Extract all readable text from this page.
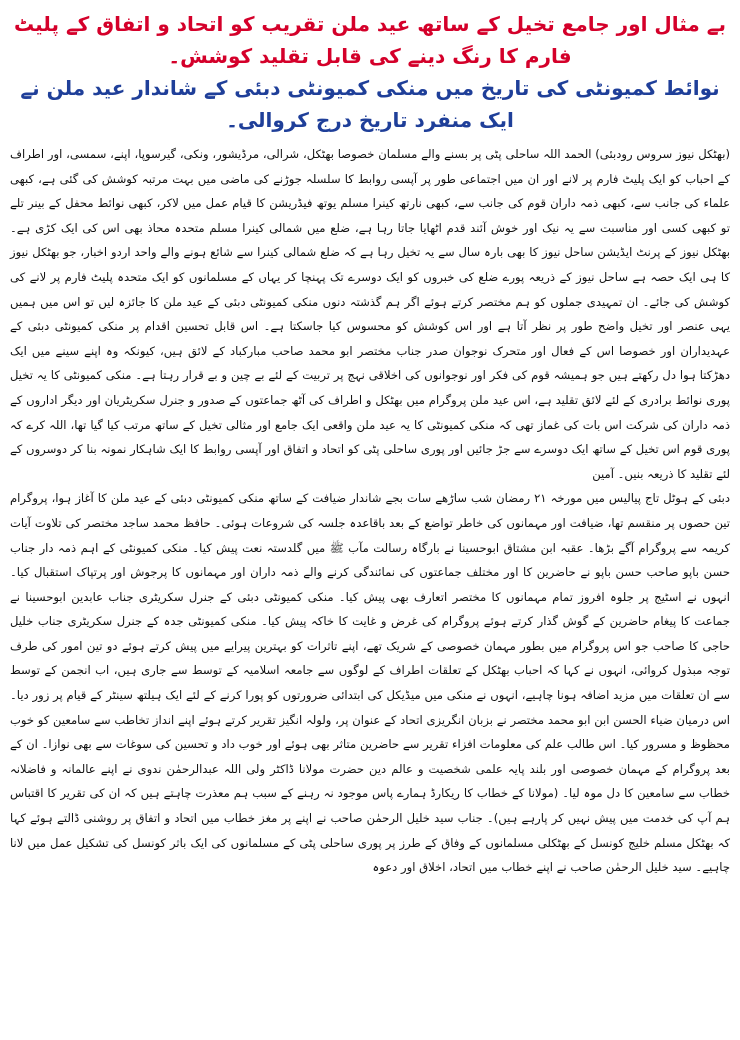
بے مثال اور جامع تخیل کے ساتھ عید ملن تقریب کو اتحاد و اتفاق کے پلیٹ فارم کا رنگ دینے کی قابل تقلید کوشش۔
نوائط کمیونٹی کی تاریخ میں منکی کمیونٹی دبئی کے شاندار عید ملن نے ایک منفرد تاریخ درج کروالی۔

(بھٹکل نیوز سروس رودبئی) الحمد اللہ ساحلی پٹی پر بسنے والے مسلمان خصوصا بھٹکل، شرالی، مرڈیشور، ونکی، گیرسوپا، اپنے، سمسی، اور اطراف کے احباب کو ایک پلیٹ فارم پر لانے اور ان میں اجتماعی طور پر آپسی روابط کا سلسلہ جوڑنے کی ماضی میں بہت مرتبہ کوشش کی گئی ہے، کبھی علماء کی جانب سے، کبھی ذمہ داران قوم کی جانب سے، کبھی نارتھ کینرا مسلم یوتھ فیڈریشن کا قیام عمل میں لاکر، کبھی نوائط محفل کے بینر تلے تو کبھی کسی اور مناسبت سے یہ نیک اور خوش آئند قدم اٹھایا جاتا رہا ہے، ضلع میں شمالی کینرا مسلم متحدہ محاذ بھی اس کی ایک کڑی ہے۔ بھٹکل نیوز کے پرنٹ ایڈیشن ساحل نیوز کا بھی بارہ سال سے یہ تخیل رہا ہے کہ ضلع شمالی کینرا سے شائع ہونے والے واحد اردو اخبار، جو بھٹکل نیوز کا ہی ایک حصہ ہے ساحل نیوز کے ذریعہ پورے ضلع کی خبروں کو ایک دوسرے تک پہنچا کر یہاں کے مسلمانوں کو ایک متحدہ پلیٹ فارم پر لانے کی کوشش کی جائے۔ ان تمہیدی جملوں کو ہم مختصر کرتے ہوئے اگر ہم گذشتہ دنوں منکی کمیونٹی دبئی کے عید ملن کا جائزہ لیں تو اس میں ہمیں یہی عنصر اور تخیل واضح طور پر نظر آتا ہے اور اس کوشش کو محسوس کیا جاسکتا ہے۔ اس قابل تحسین اقدام پر منکی کمیونٹی دبئی کے عہدیداران اور خصوصا اس کے فعال اور متحرک نوجوان صدر جناب مختصر ابو محمد صاحب مبارکباد کے لائق ہیں، کیونکہ وہ اپنے سینے میں ایک دھڑکتا ہوا دل رکھتے ہیں جو ہمیشہ قوم کی فکر اور نوجوانوں کی اخلاقی نہج پر تربیت کے لئے بے چین و بے قرار رہتا ہے۔ منکی کمیونٹی کا یہ تخیل پوری نوائط برادری کے لئے لائق تقلید ہے، اس عید ملن پروگرام میں بھٹکل و اطراف کی آٹھ جماعتوں کے صدور و جنرل سکریٹریان اور دیگر اداروں کے ذمہ داران کی شرکت اس بات کی غماز تھی کہ منکی کمیونٹی کا یہ عید ملن واقعی ایک جامع اور مثالی تخیل کے ساتھ مرتب کیا گیا تھا، اللہ کرے کہ پوری قوم اس تخیل کے ساتھ ایک دوسرے سے جڑ جائیں اور پوری ساحلی پٹی کو اتحاد و اتفاق اور آپسی روابط کا ایک شاہکار نمونہ بنا کر دوسروں کے لئے تقلید کا ذریعہ بنیں۔ آمین

دبئی کے ہوٹل تاج پیالیس میں مورخہ ۲۱ رمضان شب ساڑھے سات بجے شاندار ضیافت کے ساتھ منکی کمیونٹی دبئی کے عید ملن کا آغاز ہوا، پروگرام تین حصوں پر منقسم تھا، ضیافت اور مہمانوں کی خاطر تواضع کے بعد باقاعدہ جلسہ کی شروعات ہوئی۔ حافظ محمد ساجد مختصر کی تلاوت آیات کریمہ سے پروگرام آگے بڑھا۔ عقبہ ابن مشتاق ابوحسینا نے بارگاہ رسالت مآب ﷺ میں گلدستہ نعت پیش کیا۔ منکی کمیونٹی کے اہم ذمہ دار جناب حسن باپو صاحب حسن باپو نے حاضرین کا اور مختلف جماعتوں کی نمائندگی کرنے والے ذمہ داران اور مہمانوں کا پرجوش اور پرتپاک استقبال کیا۔ انہوں نے اسٹیج پر جلوہ افروز تمام مہمانوں کا مختصر اتعارف بھی پیش کیا۔ منکی کمیونٹی دبئی کے جنرل سکریٹری جناب عابدین ابوحسینا نے جماعت کا پیغام حاضرین کے گوش گذار کرتے ہوئے پروگرام کی غرض و غایت کا خاکہ پیش کیا۔ منکی کمیونٹی جدہ کے جنرل سکریٹری جناب خلیل حاجی کا صاحب جو اس پروگرام میں بطور مہمان خصوصی کے شریک تھے، اپنے تاثرات کو بہترین پیرایے میں پیش کرتے ہوئے دو تین امور کی طرف توجہ مبذول کروائی، انہوں نے کہا کہ احباب بھٹکل کے تعلقات اطراف کے لوگوں سے جامعہ اسلامیہ کے توسط سے جاری ہیں، اب انجمن کے توسط سے ان تعلقات میں مزید اضافہ ہونا چاہیے، انہوں نے منکی میں میڈیکل کی ابتدائی ضرورتوں کو پورا کرنے کے لئے ایک ہیلتھ سینٹر کے قیام پر زور دیا۔ اس درمیان ضیاء الحسن ابن ابو محمد مختصر نے بزبان انگریزی اتحاد کے عنوان پر، ولولہ انگیز تقریر کرتے ہوئے اپنے انداز تخاطب سے سامعین کو خوب محظوظ و مسرور کیا۔ اس طالب علم کی معلومات افزاء تقریر سے حاضرین متاثر بھی ہوئے اور خوب داد و تحسین کی سوغات سے بھی نوازا۔ ان کے بعد پروگرام کے مہمان خصوصی اور بلند پایہ علمی شخصیت و عالم دین حضرت مولانا ڈاکٹر ولی اللہ عبدالرحمٰن ندوی نے اپنے عالمانہ و فاضلانہ خطاب سے سامعین کا دل موہ لیا۔ (مولانا کے خطاب کا ریکارڈ ہمارے پاس موجود نہ رہنے کے سبب ہم معذرت چاہتے ہیں کہ ان کی تقریر کا اقتباس ہم آپ کی خدمت میں پیش نہیں کر پارہے ہیں)۔ جناب سید خلیل الرحمٰن صاحب نے اپنے پر مغز خطاب میں اتحاد و اتفاق پر روشنی ڈالتے ہوئے کہا کہ بھٹکل مسلم خلیج کونسل کے بھٹکلی مسلمانوں کے وفاق کے طرز پر پوری ساحلی پٹی کے مسلمانوں کی ایک باثر کونسل کی تشکیل عمل میں لانا چاہیے۔ سید خلیل الرحمٰن صاحب نے اپنے خطاب میں اتحاد، اخلاق اور دعوہ
